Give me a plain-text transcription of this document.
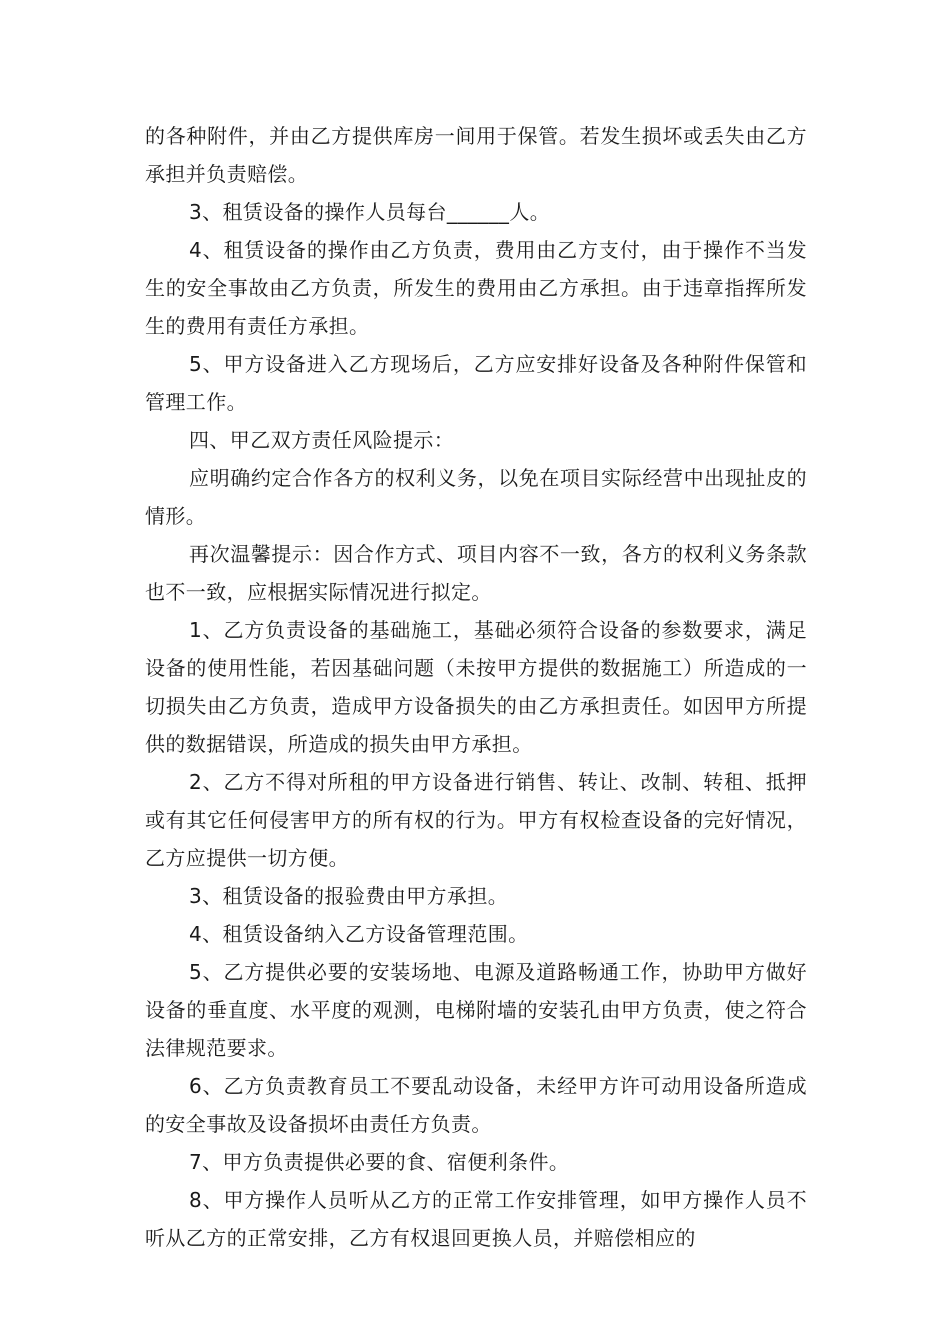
的各种附件，并由乙方提供库房一间用于保管。若发生损坏或丢失由乙方承担并负责赔偿。

3、租赁设备的操作人员每台______人。

4、租赁设备的操作由乙方负责，费用由乙方支付，由于操作不当发生的安全事故由乙方负责，所发生的费用由乙方承担。由于违章指挥所发生的费用有责任方承担。

5、甲方设备进入乙方现场后，乙方应安排好设备及各种附件保管和管理工作。

四、甲乙双方责任风险提示：

应明确约定合作各方的权利义务，以免在项目实际经营中出现扯皮的情形。

再次温馨提示：因合作方式、项目内容不一致，各方的权利义务条款也不一致，应根据实际情况进行拟定。

1、乙方负责设备的基础施工，基础必须符合设备的参数要求，满足设备的使用性能，若因基础问题（未按甲方提供的数据施工）所造成的一切损失由乙方负责，造成甲方设备损失的由乙方承担责任。如因甲方所提供的数据错误，所造成的损失由甲方承担。

2、乙方不得对所租的甲方设备进行销售、转让、改制、转租、抵押或有其它任何侵害甲方的所有权的行为。甲方有权检查设备的完好情况，乙方应提供一切方便。

3、租赁设备的报验费由甲方承担。

4、租赁设备纳入乙方设备管理范围。

5、乙方提供必要的安装场地、电源及道路畅通工作，协助甲方做好设备的垂直度、水平度的观测，电梯附墙的安装孔由甲方负责，使之符合法律规范要求。

6、乙方负责教育员工不要乱动设备，未经甲方许可动用设备所造成的安全事故及设备损坏由责任方负责。

7、甲方负责提供必要的食、宿便利条件。

8、甲方操作人员听从乙方的正常工作安排管理，如甲方操作人员不听从乙方的正常安排，乙方有权退回更换人员，并赔偿相应的
